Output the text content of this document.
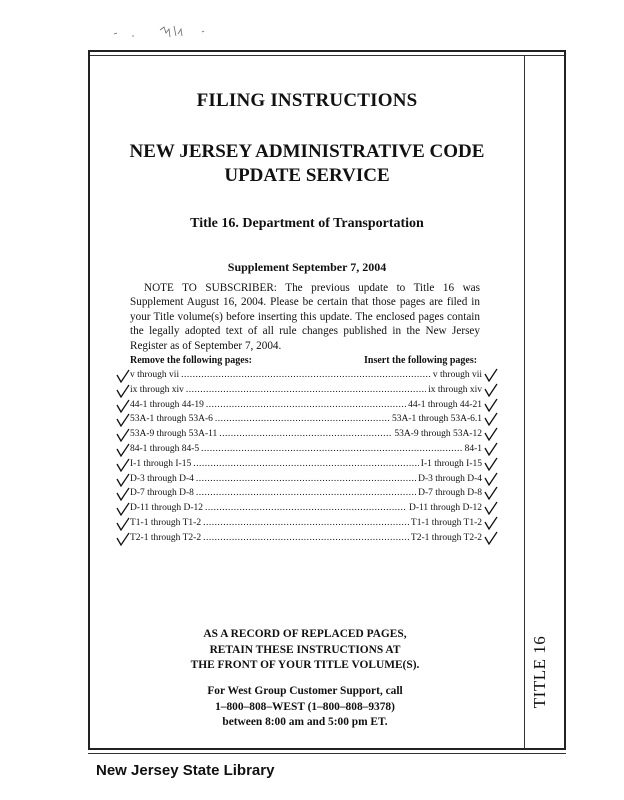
FILING INSTRUCTIONS
NEW JERSEY ADMINISTRATIVE CODE
UPDATE SERVICE
Title 16. Department of Transportation
Supplement September 7, 2004
NOTE TO SUBSCRIBER: The previous update to Title 16 was Supplement August 16, 2004. Please be certain that those pages are filed in your Title volume(s) before inserting this update. The enclosed pages contain the legally adopted text of all rule changes published in the New Jersey Register as of September 7, 2004.
Remove the following pages:	Insert the following pages:
v through vii .....	v through vii
ix through xiv .....	ix through xiv
44-1 through 44-19 .....	44-1 through 44-21
53A-1 through 53A-6 .....	53A-1 through 53A-6.1
53A-9 through 53A-11 .....	53A-9 through 53A-12
84-1 through 84-5 .....	84-1
I-1 through I-15 .....	I-1 through I-15
D-3 through D-4 .....	D-3 through D-4
D-7 through D-8 .....	D-7 through D-8
D-11 through D-12 .....	D-11 through D-12
T1-1 through T1-2 .....	T1-1 through T1-2
T2-1 through T2-2 .....	T2-1 through T2-2
AS A RECORD OF REPLACED PAGES,
RETAIN THESE INSTRUCTIONS AT
THE FRONT OF YOUR TITLE VOLUME(S).
For West Group Customer Support, call
1–800–808–WEST (1–800–808–9378)
between 8:00 am and 5:00 pm ET.
TITLE 16
New Jersey State Library
